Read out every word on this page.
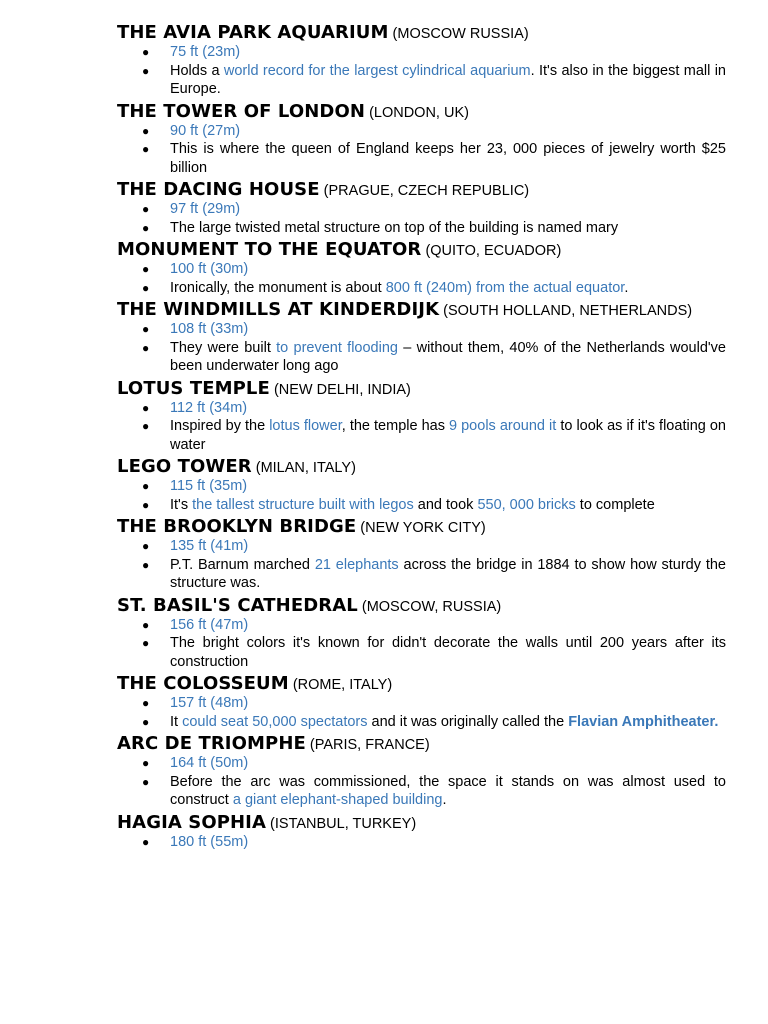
THE AVIA PARK AQUARIUM (MOSCOW RUSSIA)

● 75 ft (23m)
● Holds a world record for the largest cylindrical aquarium. It's also in the biggest mall in Europe.

THE TOWER OF LONDON (LONDON, UK)

● 90 ft (27m)
● This is where the queen of England keeps her 23, 000 pieces of jewelry worth $25 billion

THE DACING HOUSE (PRAGUE, CZECH REPUBLIC)

● 97 ft (29m)
● The large twisted metal structure on top of the building is named mary

MONUMENT TO THE EQUATOR (QUITO, ECUADOR)

● 100 ft (30m)
● Ironically, the monument is about 800 ft (240m) from the actual equator.

THE WINDMILLS AT KINDERDIJK (SOUTH HOLLAND, NETHERLANDS)

● 108 ft (33m)
● They were built to prevent flooding – without them, 40% of the Netherlands would've been underwater long ago

LOTUS TEMPLE (NEW DELHI, INDIA)

● 112 ft (34m)
● Inspired by the lotus flower, the temple has 9 pools around it to look as if it's floating on water

LEGO TOWER (MILAN, ITALY)

● 115 ft (35m)
● It's the tallest structure built with legos and took 550, 000 bricks to complete

THE BROOKLYN BRIDGE (NEW YORK CITY)

● 135 ft (41m)
● P.T. Barnum marched 21 elephants across the bridge in 1884 to show how sturdy the structure was.

ST. BASIL'S CATHEDRAL (MOSCOW, RUSSIA)

● 156 ft (47m)
● The bright colors it's known for didn't decorate the walls until 200 years after its construction

THE COLOSSEUM (ROME, ITALY)

● 157 ft (48m)
● It could seat 50,000 spectators and it was originally called the Flavian Amphitheater.

ARC DE TRIOMPHE (PARIS, FRANCE)

● 164 ft (50m)
● Before the arc was commissioned, the space it stands on was almost used to construct a giant elephant-shaped building.

HAGIA SOPHIA (ISTANBUL, TURKEY)

● 180 ft (55m)
